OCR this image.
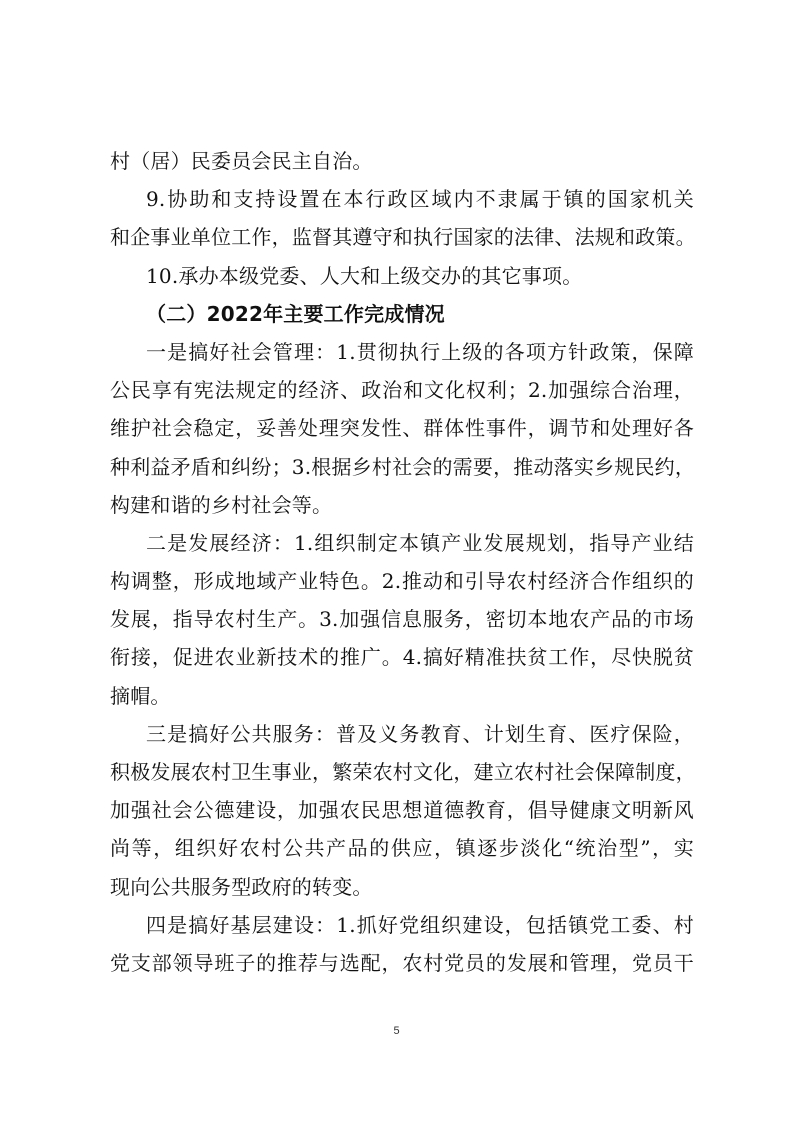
村（居）民委员会民主自治。
9.协助和支持设置在本行政区域内不隶属于镇的国家机关
和企事业单位工作，监督其遵守和执行国家的法律、法规和政策。
10.承办本级党委、人大和上级交办的其它事项。
（二）2022年主要工作完成情况
一是搞好社会管理：1.贯彻执行上级的各项方针政策，保障
公民享有宪法规定的经济、政治和文化权利；2.加强综合治理，
维护社会稳定，妥善处理突发性、群体性事件，调节和处理好各
种利益矛盾和纠纷；3.根据乡村社会的需要，推动落实乡规民约，
构建和谐的乡村社会等。
二是发展经济：1.组织制定本镇产业发展规划，指导产业结
构调整，形成地域产业特色。2.推动和引导农村经济合作组织的
发展，指导农村生产。3.加强信息服务，密切本地农产品的市场
衔接，促进农业新技术的推广。4.搞好精准扶贫工作，尽快脱贫
摘帽。
三是搞好公共服务：普及义务教育、计划生育、医疗保险，
积极发展农村卫生事业，繁荣农村文化，建立农村社会保障制度，
加强社会公德建设，加强农民思想道德教育，倡导健康文明新风
尚等，组织好农村公共产品的供应，镇逐步淡化“统治型”，实
现向公共服务型政府的转变。
四是搞好基层建设：1.抓好党组织建设，包括镇党工委、村
党支部领导班子的推荐与选配，农村党员的发展和管理，党员干
5
